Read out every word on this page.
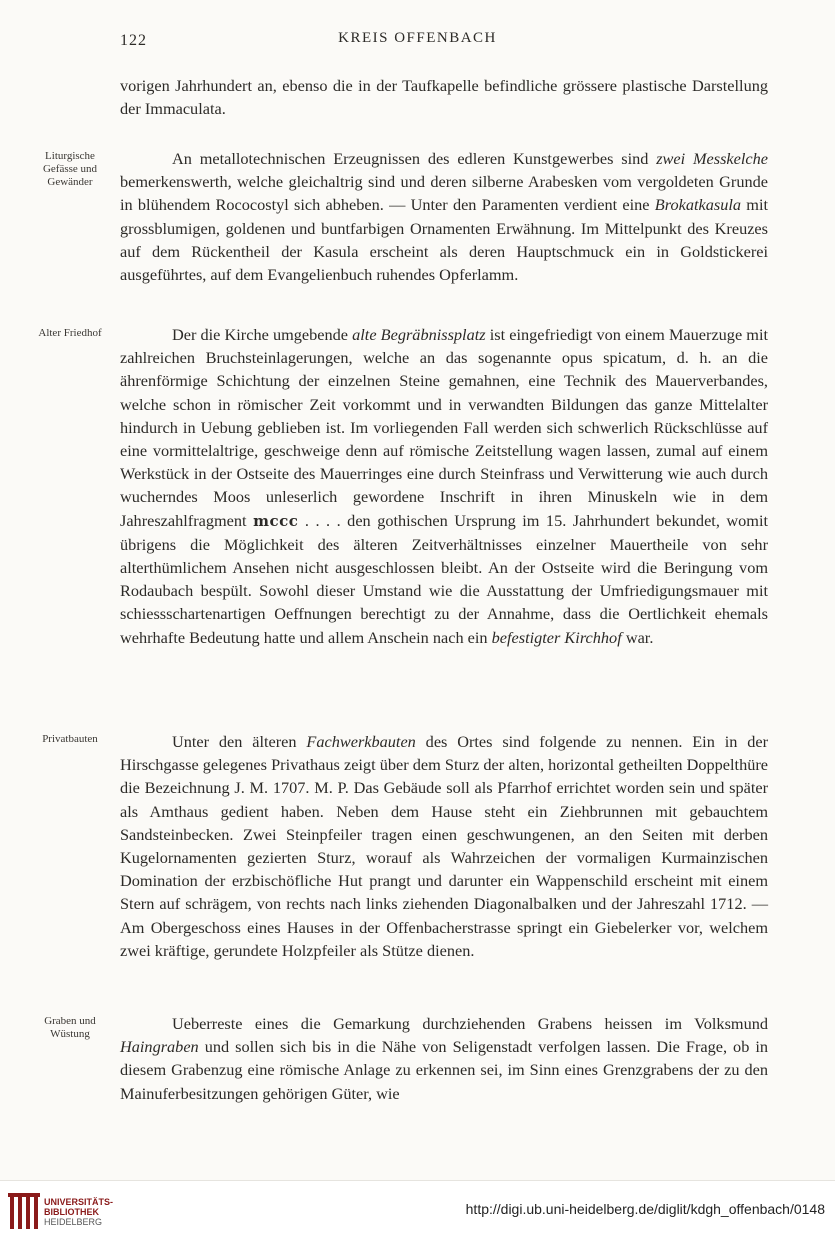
122	KREIS OFFENBACH

vorigen Jahrhundert an, ebenso die in der Taufkapelle befindliche grössere plastische Darstellung der Immaculata.

Liturgische Gefässe und Gewänder

An metallotechnischen Erzeugnissen des edleren Kunstgewerbes sind zwei Messkelche bemerkenswerth, welche gleichaltrig sind und deren silberne Arabesken vom vergoldeten Grunde in blühendem Rococostyl sich abheben. — Unter den Paramenten verdient eine Brokatkasula mit grossblumigen, goldenen und buntfarbigen Ornamenten Erwähnung. Im Mittelpunkt des Kreuzes auf dem Rückentheil der Kasula erscheint als deren Hauptschmuck ein in Goldstickerei ausgeführtes, auf dem Evangelienbuch ruhendes Opferlamm.

Alter Friedhof	Der die Kirche umgebende alte Begräbnissplatz ist eingefriedigt von einem Mauerzuge mit zahlreichen Bruchsteinlagerungen, welche an das sogenannte opus spicatum, d. h. an die ährenförmige Schichtung der einzelnen Steine gemahnen, eine Technik des Mauerverbandes, welche schon in römischer Zeit vorkommt und in verwandten Bildungen das ganze Mittelalter hindurch in Uebung geblieben ist. Im vorliegenden Fall werden sich schwerlich Rückschlüsse auf eine vormittelaltrige, geschweige denn auf römische Zeitstellung wagen lassen, zumal auf einem Werkstück in der Ostseite des Mauerringes eine durch Steinfrass und Verwitterung wie auch durch wucherndes Moos unleserlich gewordene Inschrift in ihren Minuskeln wie in dem Jahreszahlfragment mccc . . . . den gothischen Ursprung im 15. Jahrhundert bekundet, womit übrigens die Möglichkeit des älteren Zeitverhältnisses einzelner Mauertheile von sehr alterthümlichem Ansehen nicht ausgeschlossen bleibt. An der Ostseite wird die Beringung vom Rodaubach bespült. Sowohl dieser Umstand wie die Ausstattung der Umfriedigungsmauer mit schiessschartenartigen Oeffnungen berechtigt zu der Annahme, dass die Oertlichkeit ehemals wehrhafte Bedeutung hatte und allem Anschein nach ein befestigter Kirchhof war.

Privatbauten	Unter den älteren Fachwerkbauten des Ortes sind folgende zu nennen. Ein in der Hirschgasse gelegenes Privathaus zeigt über dem Sturz der alten, horizontal getheilten Doppelthüre die Bezeichnung J. M. 1707. M. P. Das Gebäude soll als Pfarrhof errichtet worden sein und später als Amthaus gedient haben. Neben dem Hause steht ein Ziehbrunnen mit gebauchtem Sandsteinbecken. Zwei Steinpfeiler tragen einen geschwungenen, an den Seiten mit derben Kugelornamenten gezierten Sturz, worauf als Wahrzeichen der vormaligen Kurmainzischen Domination der erzbischöfliche Hut prangt und darunter ein Wappenschild erscheint mit einem Stern auf schrägem, von rechts nach links ziehenden Diagonalbalken und der Jahreszahl 1712. — Am Obergeschoss eines Hauses in der Offenbacherstrasse springt ein Giebelerker vor, welchem zwei kräftige, gerundete Holzpfeiler als Stütze dienen.

Graben und Wüstung

Ueberreste eines die Gemarkung durchziehenden Grabens heissen im Volksmund Haingraben und sollen sich bis in die Nähe von Seligenstadt verfolgen lassen. Die Frage, ob in diesem Grabenzug eine römische Anlage zu erkennen sei, im Sinn eines Grenzgrabens der zu den Mainuferbesitzungen gehörigen Güter, wie

UNIVERSITÄTS-
BIBLIOTHEK
HEIDELBERG
http://digi.ub.uni-heidelberg.de/diglit/kdgh_offenbach/0148
